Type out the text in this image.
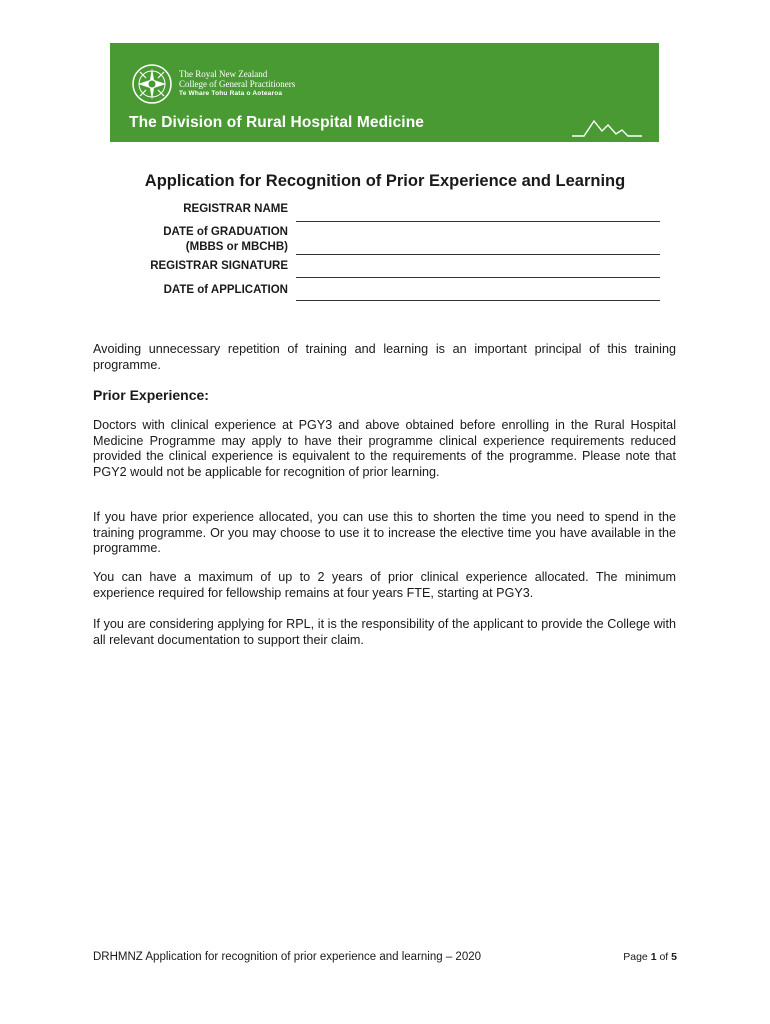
The Royal New Zealand
College of General Practitioners
Te Whare Tohu Rata o Aotearoa
The Division of Rural Hospital Medicine
Application for Recognition of Prior Experience and Learning
REGISTRAR NAME
DATE of GRADUATION
(MBBS or MBCHB)
REGISTRAR SIGNATURE
DATE of APPLICATION
Avoiding unnecessary repetition of training and learning is an important principal of this training programme.
Prior Experience:
Doctors with clinical experience at PGY3 and above obtained before enrolling in the Rural Hospital Medicine Programme may apply to have their programme clinical experience requirements reduced provided the clinical experience is equivalent to the requirements of the programme. Please note that PGY2 would not be applicable for recognition of prior learning.
If you have prior experience allocated, you can use this to shorten the time you need to spend in the training programme. Or you may choose to use it to increase the elective time you have available in the programme.
You can have a maximum of up to 2 years of prior clinical experience allocated. The minimum experience required for fellowship remains at four years FTE, starting at PGY3.
If you are considering applying for RPL, it is the responsibility of the applicant to provide the College with all relevant documentation to support their claim.
DRHMNZ Application for recognition of prior experience and learning – 2020	Page 1 of 5
